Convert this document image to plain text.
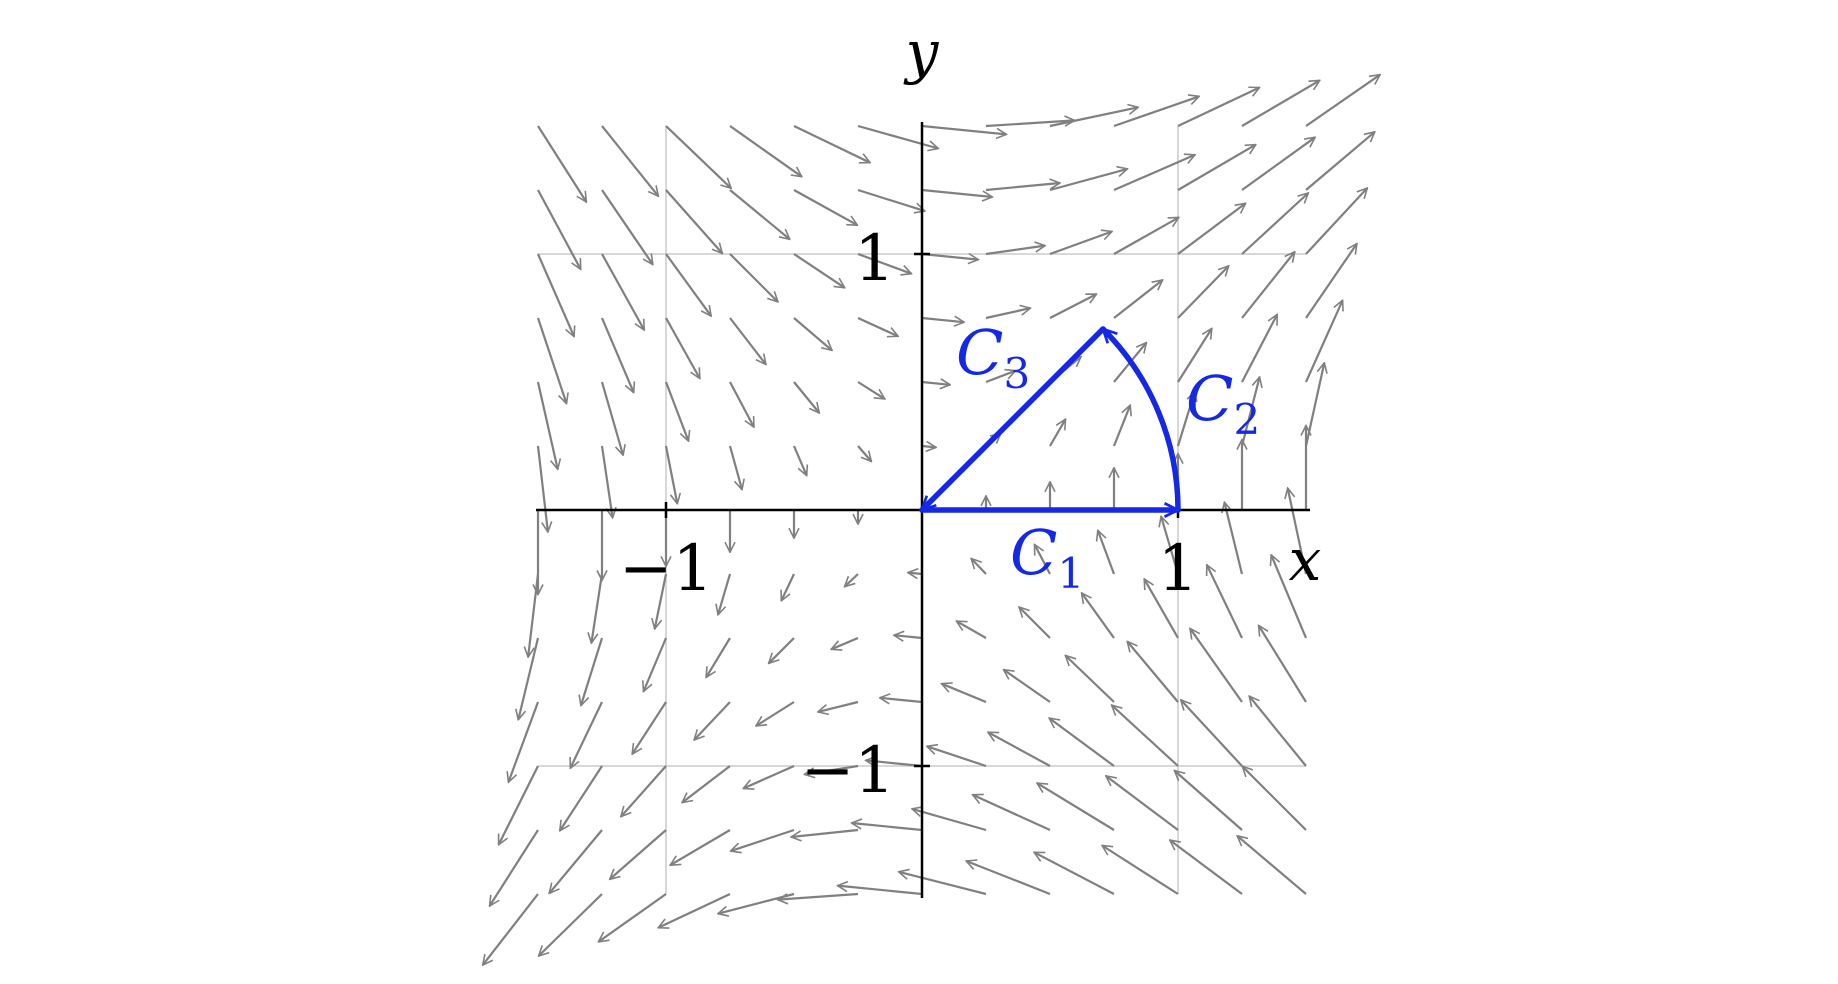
x
y
−1	1
1
−1
C1
C2
C3
